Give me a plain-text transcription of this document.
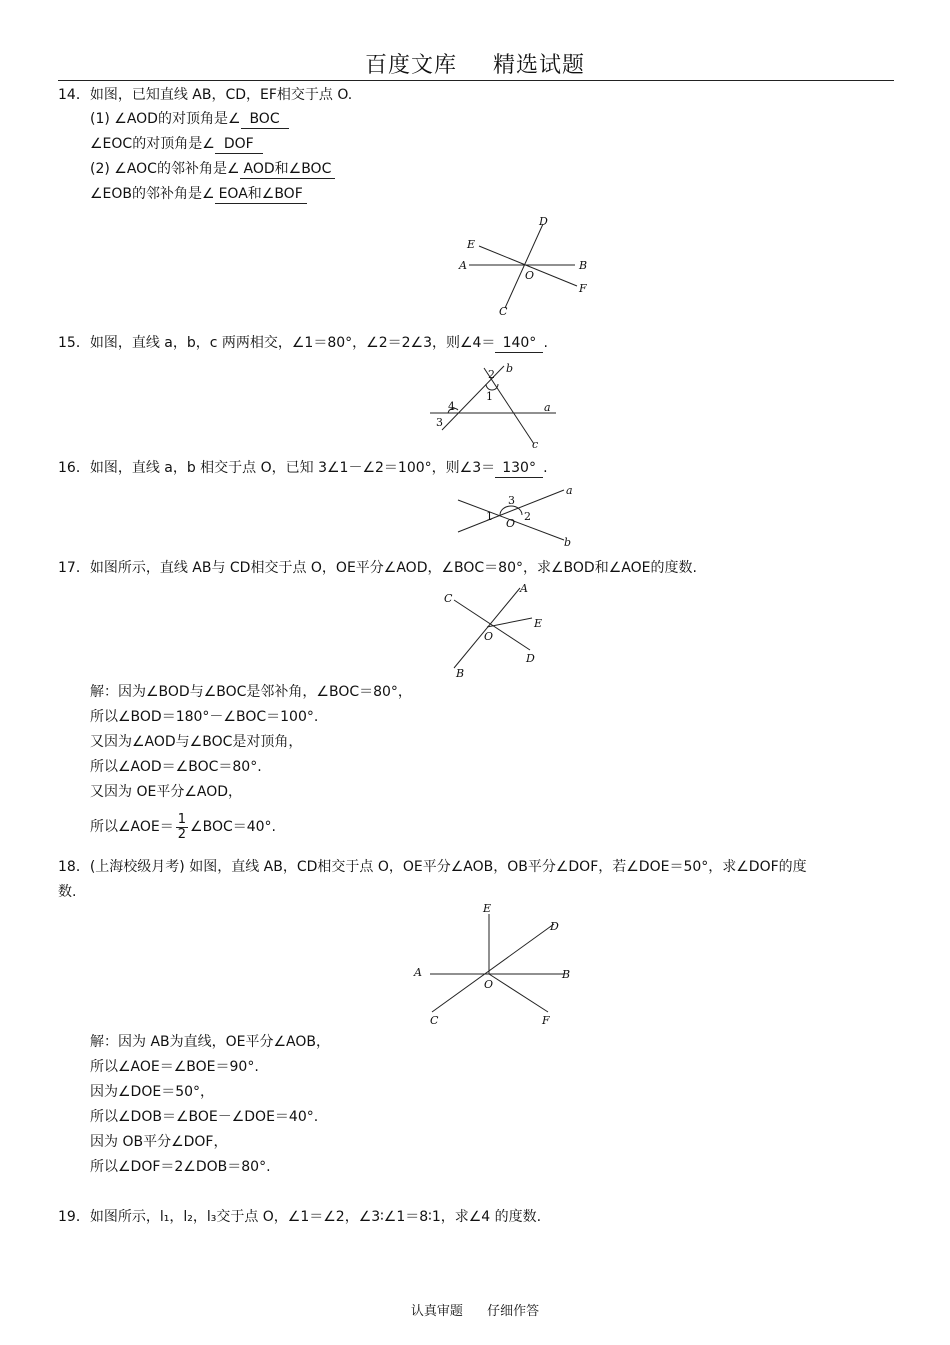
百度文库 精选试题
14．如图，已知直线 AB，CD，EF相交于点 O.
(1) ∠AOD的对顶角是∠ BOC
∠EOC的对顶角是∠ DOF
(2) ∠AOC的邻补角是∠ AOD和∠BOC
∠EOB的邻补角是∠ EOA和∠BOF
D
E
A	B
O
F
C
15．如图，直线 a，b，c 两两相交，∠1＝80°，∠2＝2∠3，则∠4＝ 140° .
b
a
c
2
1
4
3
16．如图，直线 a，b 相交于点 O，已知 3∠1－∠2＝100°，则∠3＝ 130° .
a
b
O
3
1	2
17．如图所示，直线 AB与 CD相交于点 O，OE平分∠AOD，∠BOC＝80°，求∠BOD和∠AOE的度数.
C
A
E
O
D
B
解：因为∠BOD与∠BOC是邻补角，∠BOC＝80°，
所以∠BOD＝180°－∠BOC＝100°.
又因为∠AOD与∠BOC是对顶角，
所以∠AOD＝∠BOC＝80°.
又因为 OE平分∠AOD，
所以∠AOE＝ $\frac{1}{2}$ ∠BOC＝40°.
18．(上海校级月考) 如图，直线 AB，CD相交于点 O，OE平分∠AOB，OB平分∠DOF，若∠DOE＝50°，求∠DOF的度
数.
E
D
A	B
O
C	F
解：因为 AB为直线，OE平分∠AOB，
所以∠AOE＝∠BOE＝90°.
因为∠DOE＝50°，
所以∠DOB＝∠BOE－∠DOE＝40°.
因为 OB平分∠DOF，
所以∠DOF＝2∠DOB＝80°.
19．如图所示，l₁，l₂，l₃交于点 O，∠1＝∠2，∠3∶∠1＝8∶1，求∠4 的度数.
认真审题 仔细作答
